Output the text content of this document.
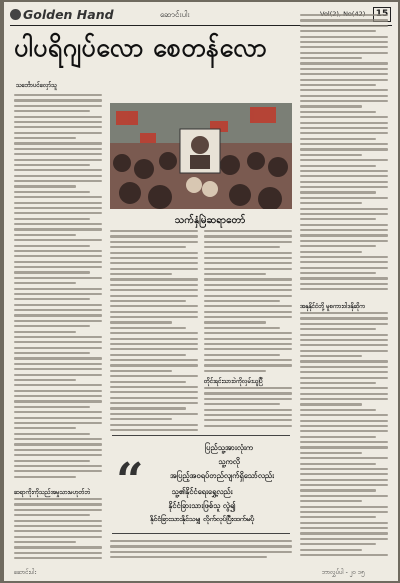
Golden Hand	ဆောင်းပါး
ပါပရိဂျပ်လော စေတန်လော
သင်္ဘောပင်လှော်သူ
ဆရာကိုးကိုသည်အမှုသားမဟုတ်ဘဲ
သက်နှံမြဲဆရာတော်
တိုင်းရင်းသားဝဲကိုလှမ်းယူပြီ
“
ပြည်သူ့အားလုံးက
သူ့ကလို
အပြည့်အဝရပ်တည်လျက်ရှိသော်လည်း
သူ့၏နိုင်ငံရေးရွှေ့လည်း
နိုင်ငံခြားသားဖြစ်သူ လွဲ၍
နိုင်ငံခြားသားနိုင်သမျှ လိုက်လုပ်ပြီးထက်မပို
အနုနိုင်ငံတို့ မူစကားဝါဒနိုဆိုက
ဆောင်းပါး	ဘာလွှပ်ပါ - ၂၀ ၁၅
